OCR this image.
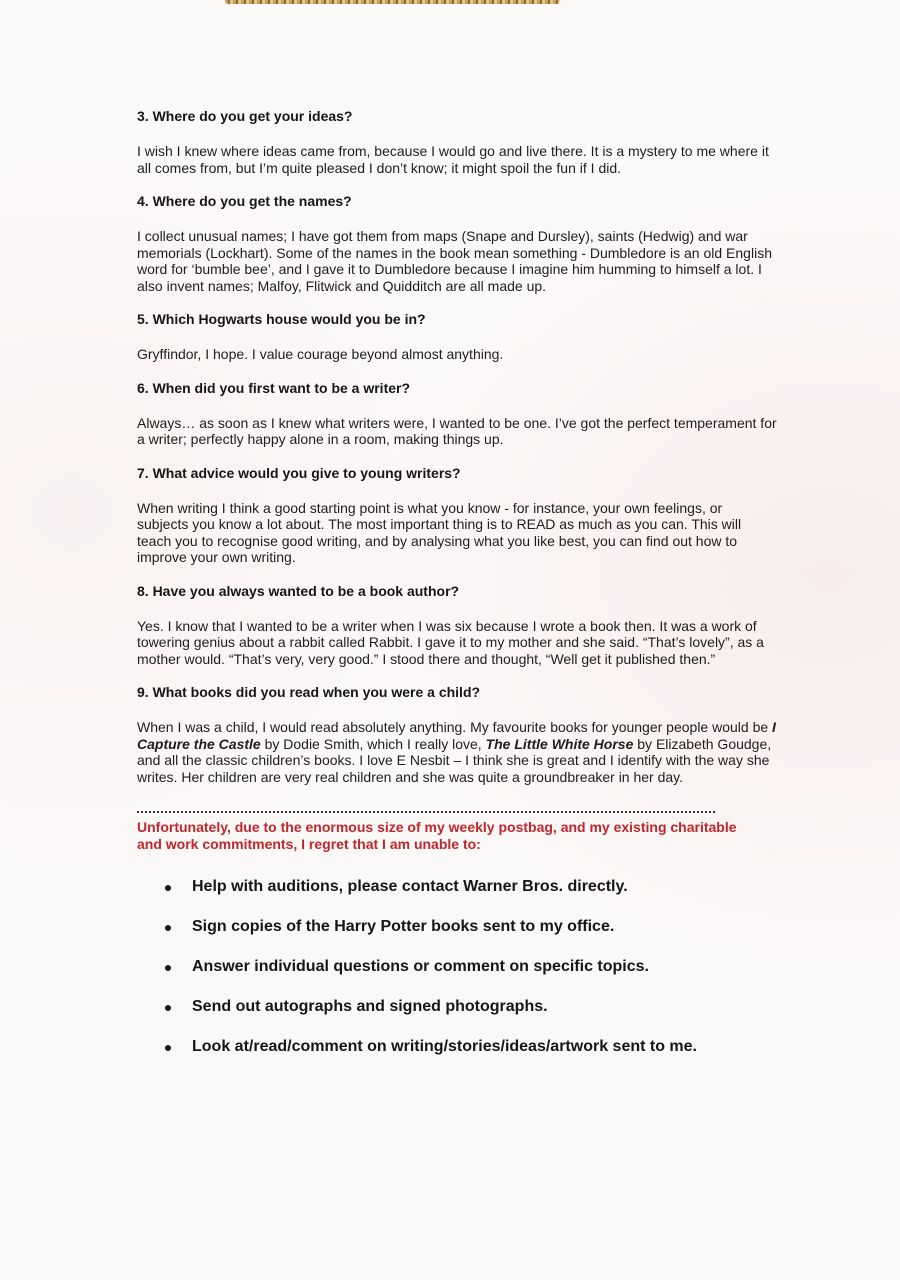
3. Where do you get your ideas?

I wish I knew where ideas came from, because I would go and live there. It is a mystery to me where it all comes from, but I’m quite pleased I don’t know; it might spoil the fun if I did.

4. Where do you get the names?

I collect unusual names; I have got them from maps (Snape and Dursley), saints (Hedwig) and war memorials (Lockhart). Some of the names in the book mean something - Dumbledore is an old English word for ‘bumble bee’, and I gave it to Dumbledore because I imagine him humming to himself a lot. I also invent names; Malfoy, Flitwick and Quidditch are all made up.

5. Which Hogwarts house would you be in?

Gryffindor, I hope. I value courage beyond almost anything.

6. When did you first want to be a writer?

Always… as soon as I knew what writers were, I wanted to be one. I’ve got the perfect temperament for a writer; perfectly happy alone in a room, making things up.

7. What advice would you give to young writers?

When writing I think a good starting point is what you know - for instance, your own feelings, or subjects you know a lot about. The most important thing is to READ as much as you can. This will teach you to recognise good writing, and by analysing what you like best, you can find out how to improve your own writing.

8. Have you always wanted to be a book author?

Yes. I know that I wanted to be a writer when I was six because I wrote a book then. It was a work of towering genius about a rabbit called Rabbit. I gave it to my mother and she said. “That’s lovely”, as a mother would. “That’s very, very good.” I stood there and thought, “Well get it published then.”

9. What books did you read when you were a child?

When I was a child, I would read absolutely anything. My favourite books for younger people would be I Capture the Castle by Dodie Smith, which I really love, The Little White Horse by Elizabeth Goudge, and all the classic children’s books. I love E Nesbit – I think she is great and I identify with the way she writes. Her children are very real children and she was quite a groundbreaker in her day.

Unfortunately, due to the enormous size of my weekly postbag, and my existing charitable and work commitments, I regret that I am unable to:

Help with auditions, please contact Warner Bros. directly.
Sign copies of the Harry Potter books sent to my office.
Answer individual questions or comment on specific topics.
Send out autographs and signed photographs.
Look at/read/comment on writing/stories/ideas/artwork sent to me.
